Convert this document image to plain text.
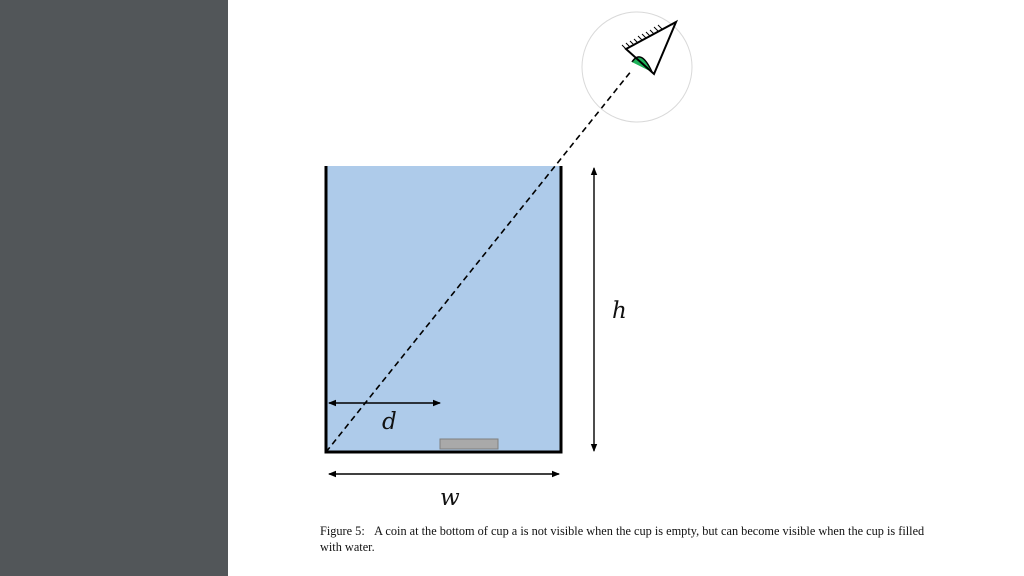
h
d
w

Figure 5: A coin at the bottom of cup a is not visible when the cup is empty, but can become visible when the cup is filled with water.
